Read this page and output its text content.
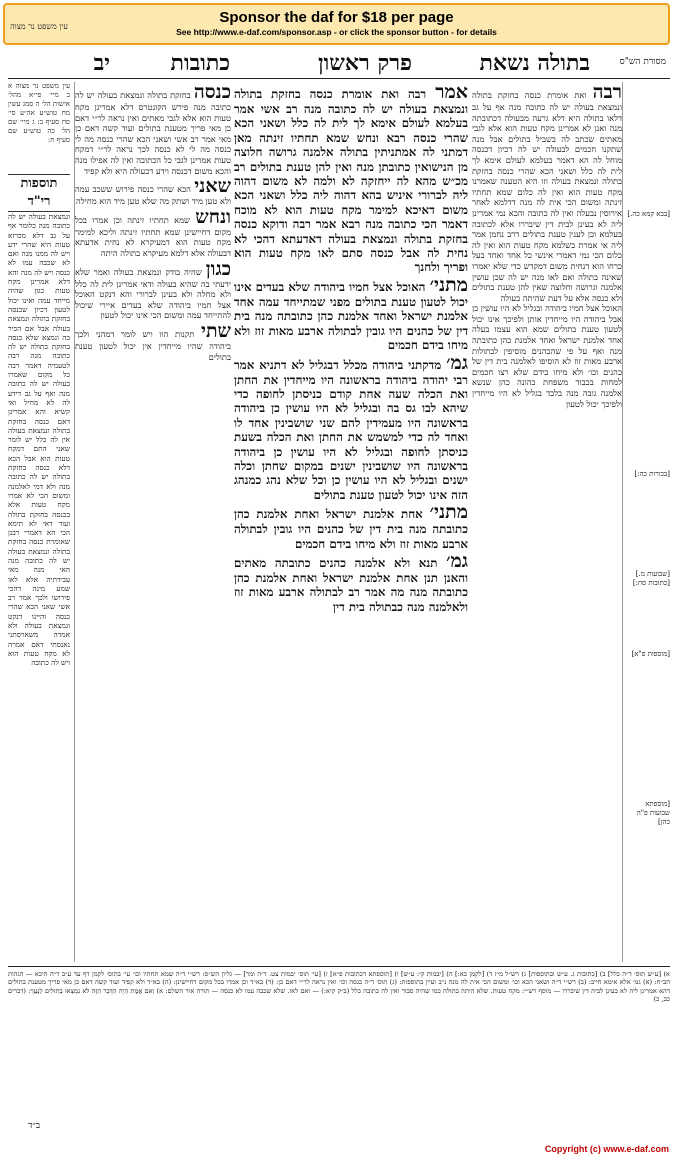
Sponsor the daf for $18 per page
See http://www.e-daf.com/sponsor.asp - or click the sponsor button - for details
מסורת הש"ס
בתולה נשאת
פרק ראשון
כתובות
יב

עין משפט נר מצוה

עין משפט נר מצוה א ב מיי׳ פי״א מהל׳ אישות הל׳ ה סמג עשין מח טוש״ע אה״ע סי׳ סח סעיף ב: ג מיי׳ שם הל׳ כה טוש״ע שם סעיף ח:

תוספות רי"ד

ונמצאת בעולה יש לה כתובה מנה כלומר אף על גב דלא מכרזא טעות היא שהרי ידע ויש לה ממנו מנה ואם לא שכבה עמו לא כנסה ויש לה מנה והא דלא אמרינן מקח טעות כגון שהיה מייחד עמה ואינו יכול לטעון דכיון שכנסה בחזקת בתולה ונמצאת בעולה אבל אם הכיר בה ונמצא שלא כנסה בחזקת בתולה יש לה כתובה מנה רבה לטעמיה דאמר רבה כל מקום שאמרו בעולה יש לה כתובה מנה ואף על גב דידע לה לא מחיל ואי קשיא והא אמרינן דאם כנסה בחזקת בתולה ונמצאת בעולה אין לה כלל יש לומר שאני התם דמקח טעות הוא אבל הכא דלא כנסה בחזקת בתולה יש לה כתובה מנה ולא דמי לאלמנה ומשום הכי לא אמרו מקח טעות אלא בכנסה בחזקת בתולה ועוד דאי לא תימא הכי הא דאמרי רבנן שאומרת כנסה בחזקת בתולה ונמצאת בעולה יש לה כתובה מנה האי מנה מאי עבידתיה אלא לאו שמע מינה דהכי פירושו ולכך אמר רב אשי שאני הכא שהרי כנסה והיינו דנקט ונמצאת בעולה ולא אמרה משארסתני נאנסתי דאם אמרה לא מקח טעות הוא ויש לה כתובה

כנסה בחזקת בתולה ונמצאת בעולה יש לה כתובה מנה פירש הקונטרס דלא אמרינן מקח טעות הוא אלא לגבי מאתים ואין נראה לר״י דאם כן מאי פריך מטענת בתולים ועוד קשה דאם כן מאי אמר רב אשי ושאני הכא שהרי כנסה מה לי כנסה מה לי לא כנסה לכך נראה לר״י דמקח טעות אמרינן לגבי כל הכתובה ואין לה אפילו מנה והכא משום דכנסה וידע דבעולה היא ולא קפיד

שאני הכא שהרי כנסה פירוש ששכב עמה ולא טען מיד ושתק מה שלא טען מיד הוא מחילה

ונחש שמא תחתיו זינתה וכן אמרו בכל מקום דחיישינן שמא תחתיו זינתה וליכא למימר מקח טעות הוא דמעיקרא לא נחית אדעתא דבעולה אלא דלמא מעיקרא בתולה היתה

כגון שהיה בודק ונמצאת בעולה ואמר שלא ידעתי בה שהיא בעולה ודאי אמרינן לית לה כלל ולא מחלה ולא בעינן לברורי והא דנקט האוכל אצל חמיו ביהודה שלא בעדים איירי שיכול להתייחד עמה ומשום הכי אינו יכול לטעון

שתי תקנות הוו ויש לומר דמהני ולכך ביהודה שהיו מייחדין אין יכול לטעון טענת בתולים

אמר רבה ואת אומרת כנסה בחזקת בתולה ונמצאת בעולה יש לה כתובה מנה רב אשי אמר בעלמא לעולם אימא לך לית לה כלל ושאני הכא שהרי כנסה רבא ונחש שמא תחתיו זינתה מאן דמתני לה אמתניתין בתולה אלמנה גרושה חלוצה מן הנישואין כתובתן מנה ואין להן טענת בתולים רב מכ״ש מהא לה ייחזקה לא ולמה לא משום דהוה ליה לברורי איניש בהא דהוה ליה כלל ושאני הכא משום דאיכא למימר מקח טעות הוא לא מוכח דאמר הכי כתובה מנה רבא אמר רבה ודוקא כנסה בחזקת בתולה ונמצאת בעולה דאדעתא דהכי לא נחית לה אבל כנסה סתם לאו מקח טעות הוא ופריך ולחנך

מתני׳ האוכל אצל חמיו ביהודה שלא בעדים אינו יכול לטעון טענת בתולים מפני שמתייחד עמה אחד אלמנת ישראל ואחד אלמנת כהן כתובתה מנה בית דין של כהנים היו גובין לבתולה ארבע מאות זוז ולא מיחו בידם חכמים

גמ׳ מדקתני ביהודה מכלל דבגליל לא דתניא אמר רבי יהודה ביהודה בראשונה היו מייחדין את החתן ואת הכלה שעה אחת קודם כניסתן לחופה כדי שיהא לבו גס בה ובגליל לא היו עושין כן ביהודה בראשונה היו מעמידין להם שני שושבינין אחד לו ואחד לה כדי למשמש את החתן ואת הכלה בשעת כניסתן לחופה ובגליל לא היו עושין כן ביהודה בראשונה היו שושבינין ישנים במקום שחתן וכלה ישנים ובגליל לא היו עושין כן וכל שלא נהג כמנהג הזה אינו יכול לטעון טענת בתולים

מתני׳ אחת אלמנת ישראל ואחת אלמנת כהן כתובתה מנה בית דין של כהנים היו גובין לבתולה ארבע מאות זוז ולא מיחו בידם חכמים

גמ׳ תנא ולא אלמנה כהנים כתובתה מאתים והאנן תנן אחת אלמנת ישראל ואחת אלמנת כהן כתובתה מנה מה אמר רב לבתולה ארבע מאות זוז ולאלמנה מנה כבתולה בית דין

רבה ואת אומרת כנסה בחזקת בתולה ונמצאת בעולה יש לה כתובה מנה אף על גב דלאו בתולה היא דלא גרעה מבעולה דכתובתה מנה ואנן לא אמרינן מקח טעות הוא אלא לגבי מאתים שכתב לה בשביל בתולים אבל מנה שתקנו חכמים לבעולה יש לה דכיון דכנסה מוחל לה הא דאמר בעלמא לעולם אימא לך לית לה כלל ושאני הכא שהרי כנסה בחזקת בתולה ונמצאת בעולה וזו היא הטענה שאמרנו מקח טעות הוא ואין לה כלום שמא תחתיו זינתה ומשום הכי אית לה מנה דדלמא לאחר אירוסין נבעלה ואין לה כתובה והכא נמי אמרינן ליה לא בעינן לבית דין שיבררו אלא לכתובה בעלמא וכן לענין טענת בתולים דרב נחמן אמר ליה אי אמרת בשלמא מקח טעות הוא ואין לה כלום הכי נמי דאמרי אינשי כל אחד ואחד בעל כרחו הוא דנחית משום דמקדש כדי שלא יאמרו שאינה בתולה ואם לאו מנה יש לה שכן עושין אלמנה וגרושה וחלוצה שאין להן טענת בתולים ולא כנסה אלא על דעת שהיתה בעולה

האוכל אצל חמיו ביהודה ובגליל לא היו עושין כן אבל ביהודה היו מייחדין אותן ולפיכך אינו יכול לטעון טענת בתולים שמא הוא עצמו בעלה אחד אלמנת ישראל ואחד אלמנת כהן כתובתה מנה ואף על פי שהכהנים מוסיפין לבתולות ארבע מאות זוז לא הוסיפו לאלמנה בית דין של כהנים וכו׳ ולא מיחו בידם שלא רצו חכמים למחות בכבוד משפחת כהונה כהן שנשא אלמנה גובה מנה בלבד בגליל לא היו מייחדין ולפיכך יכול לטעון

[בבא קמא כה.]
[בכורות כה:]
[שבועות מ.] [כתובות סח:]
[מוספות פ"א]
[מוספתא שבועות פ"ה כהן]

א) [ע״ש תוס׳ ד״ה כלל] ב) [כתובות ג. ע״ש ובתוספות] ג) רש״ל מ״ז ד) [לקמן כא:] ה) [יבמות קי: ע״ש] ו) [תוספתא דכתובות פ״א] ז) [עי׳ תוס׳ יבמות צט. ד״ה ומר] — גליון הש״ס: רש״י ד״ה שמא תחתיו וכו׳ עי׳ בתוס׳ לקמן דף עד ע״ב ד״ה היכא — הגהות הב״ח: (א) גמ׳ אלא אימא חייב: (ב) רש״י ד״ה ושאני הכא וכו׳ ומשום הכי אית לה מנה נ״ב ועיין בתוספות: (ג) תוס׳ ד״ה כנסה וכו׳ ואין נראה לר״י דאם כן: (ד) בא״ד וכן אמרו בכל מקום דחיישינן: (ה) בא״ד ולא קפיד ועוד קשה דאם כן מאי פריך מטענת בתולים דהא אמרינן ליה לא בעינן לבית דין שיבררו — מוסף רש״י: מקח טעות. שלא היתה בתולה כמו שהיה סבור ואין לה כתובה כלל (ב״ק קיא:) — ואם לאו. שלא שכבה עמו לא כנסה — תורה אור השלם: א) וְאִם אֱמֶת הָיָה הַדָּבָר הַזֶּה לֹא נִמְצְאוּ בְתוּלִים לַנַּעֲרָ: (דברים כב, כ)

ב״ד
Copyright (c) www.e-daf.com
